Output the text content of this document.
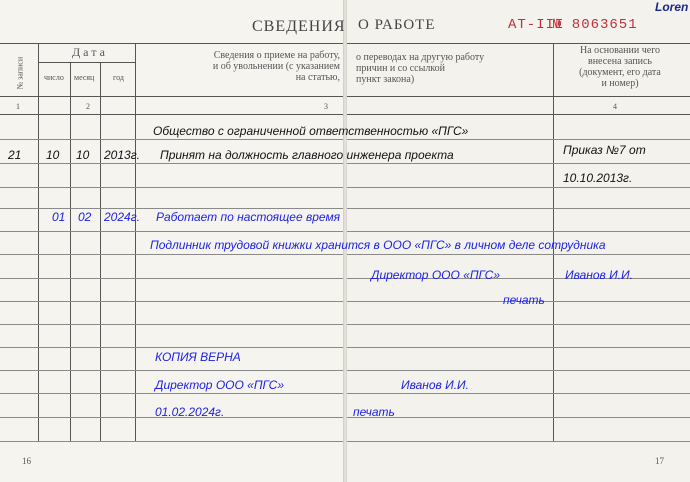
СВЕДЕНИЯ О РАБОТЕ	АТ-III
№ 8063651
Loren
№ записи
Дата
число месяц год
Сведения о приеме на работу,
и об увольнении (с указанием
на статью,
о переводах на другую работу
причин и со ссылкой
пункт закона)
На основании чего
внесена запись
(документ, его дата
и номер)
1	2	3	4
Общество с ограниченной ответственностью «ПГС»
21 10 10 2013г. Принят на должность главного инженера проекта	Приказ №7 от
10.10.2013г.
01 02 2024г. Работает по настоящее время
Подлинник трудовой книжки хранится в ООО «ПГС» в личном деле сотрудника
Директор ООО «ПГС»	Иванов И.И.
печать
КОПИЯ ВЕРНА
Директор ООО «ПГС»	Иванов И.И.
01.02.2024г.	печать
16	17
